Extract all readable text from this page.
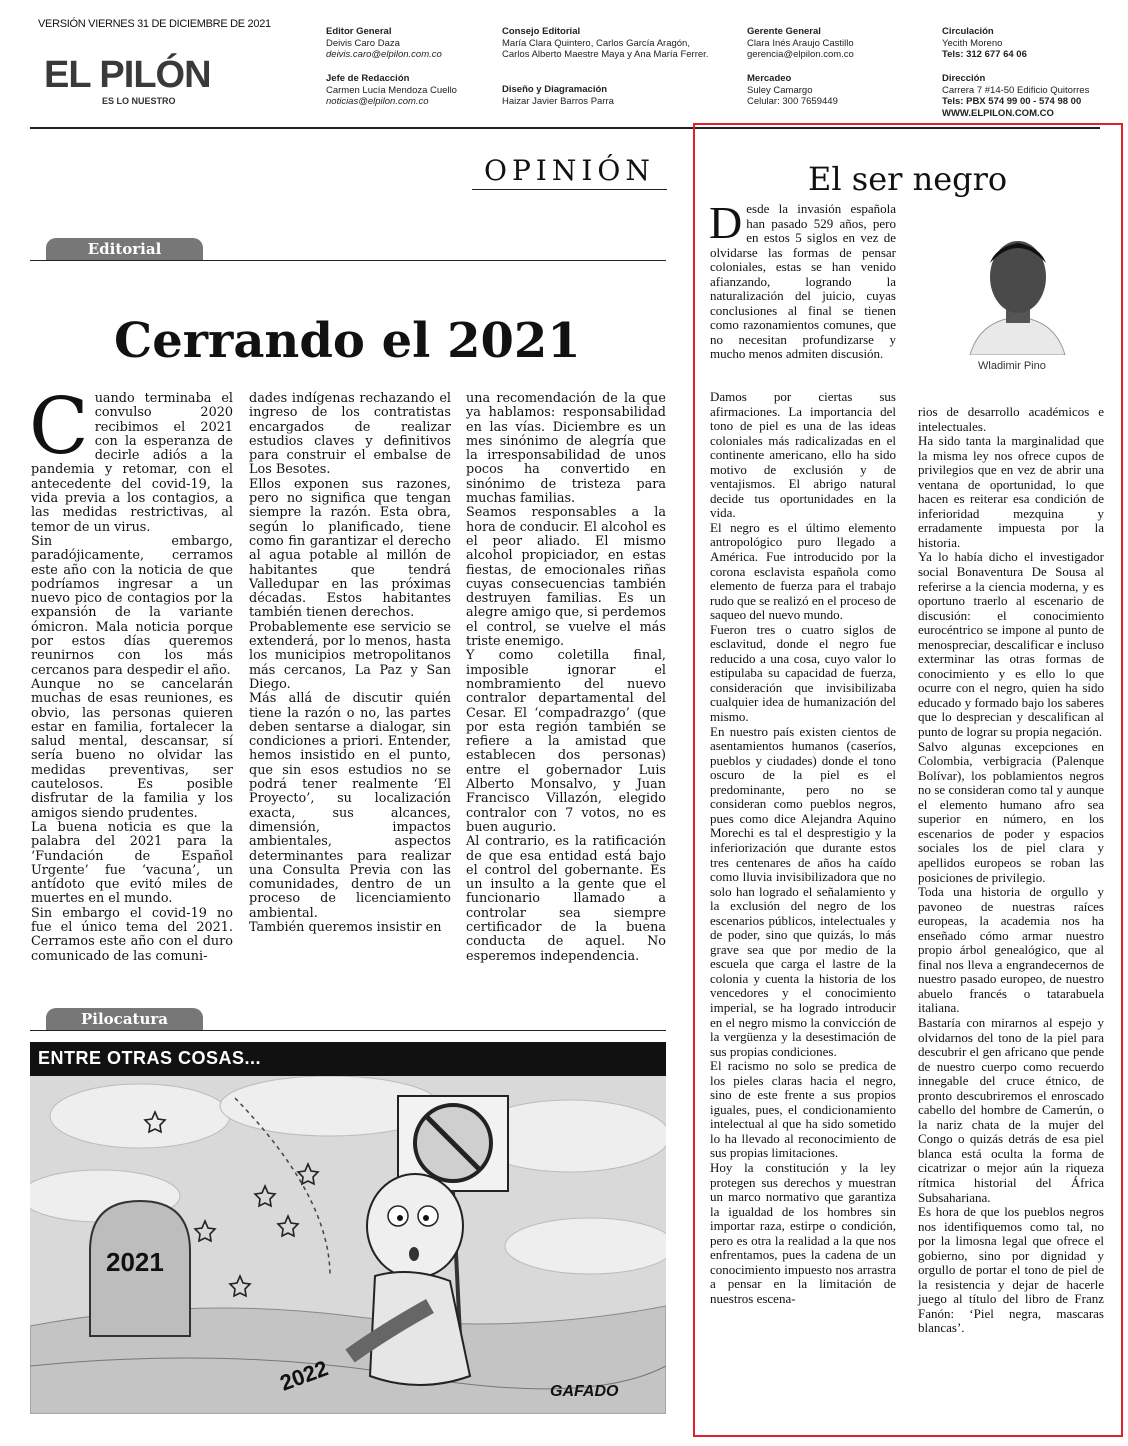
VERSIÓN VIERNES 31 DE DICIEMBRE DE 2021
EL PILÓN
ES LO NUESTRO
Editor General
Deivis Caro Daza
deivis.caro@elpilon.com.co
Jefe de Redacción
Carmen Lucía Mendoza Cuello
noticias@elpilon.com.co
Consejo Editorial
María Clara Quintero, Carlos García Aragón, Carlos Alberto Maestre Maya y Ana María Ferrer.
Diseño y Diagramación
Haizar Javier Barros Parra
Gerente General
Clara Inés Araujo Castillo
gerencia@elpilon.com.co
Mercadeo
Suley Camargo
Celular: 300 7659449
Circulación
Yecith Moreno
Tels: 312 677 64 06
Dirección
Carrera 7 #14-50 Edificio Quitorres
Tels: PBX 574 99 00 - 574 98 00
WWW.ELPILON.COM.CO
OPINIÓN
Editorial
Cerrando el 2021

Cuando terminaba el convulso 2020 recibimos el 2021 con la esperanza de decirle adiós a la pandemia y retomar, con el antecedente del covid-19, la vida previa a los contagios, a las medidas restrictivas, al temor de un virus.

Sin embargo, paradójicamente, cerramos este año con la noticia de que podríamos ingresar a un nuevo pico de contagios por la expansión de la variante ómicron. Mala noticia porque por estos días queremos reunirnos con los más cercanos para despedir el año.

Aunque no se cancelarán muchas de esas reuniones, es obvio, las personas quieren estar en familia, fortalecer la salud mental, descansar, sí sería bueno no olvidar las medidas preventivas, ser cautelosos. Es posible disfrutar de la familia y los amigos siendo prudentes.

La buena noticia es que la palabra del 2021 para la ‘Fundación de Español Urgente’ fue ‘vacuna’, un antídoto que evitó miles de muertes en el mundo.

Sin embargo el covid-19 no fue el único tema del 2021. Cerramos este año con el duro comunicado de las comuni-

dades indígenas rechazando el ingreso de los contratistas encargados de realizar estudios claves y definitivos para construir el embalse de Los Besotes.

Ellos exponen sus razones, pero no significa que tengan siempre la razón. Esta obra, según lo planificado, tiene como fin garantizar el derecho al agua potable al millón de habitantes que tendrá Valledupar en las próximas décadas. Estos habitantes también tienen derechos.

Probablemente ese servicio se extenderá, por lo menos, hasta los municipios metropolitanos más cercanos, La Paz y San Diego.

Más allá de discutir quién tiene la razón o no, las partes deben sentarse a dialogar, sin condiciones a priori. Entender, hemos insistido en el punto, que sin esos estudios no se podrá tener realmente ‘El Proyecto’, su localización exacta, sus alcances, dimensión, impactos ambientales, aspectos determinantes para realizar una Consulta Previa con las comunidades, dentro de un proceso de licenciamiento ambiental.

También queremos insistir en

una recomendación de la que ya hablamos: responsabilidad en las vías. Diciembre es un mes sinónimo de alegría que la irresponsabilidad de unos pocos ha convertido en sinónimo de tristeza para muchas familias.

Seamos responsables a la hora de conducir. El alcohol es el peor aliado. El mismo alcohol propiciador, en estas fiestas, de emocionales riñas cuyas consecuencias también destruyen familias. Es un alegre amigo que, si perdemos el control, se vuelve el más triste enemigo.

Y como coletilla final, imposible ignorar el nombramiento del nuevo contralor departamental del Cesar. El ‘compadrazgo’ (que por esta región también se refiere a la amistad que establecen dos personas) entre el gobernador Luis Alberto Monsalvo, y Juan Francisco Villazón, elegido contralor con 7 votos, no es buen augurio.

Al contrario, es la ratificación de que esa entidad está bajo el control del gobernante. Es un insulto a la gente que el funcionario llamado a controlar sea siempre certificador de la buena conducta de aquel. No esperemos independencia.

Pilocatura
ENTRE OTRAS COSAS...
2021
2022	GAFADO
El ser negro
Wladimir Pino

Desde la invasión española han pasado 529 años, pero en estos 5 siglos en vez de olvidarse las formas de pensar coloniales, estas se han venido afianzando, logrando la naturalización del juicio, cuyas conclusiones al final se tienen como razonamientos comunes, que no necesitan profundizarse y mucho menos admiten discusión.

Damos por ciertas sus afirmaciones. La importancia del tono de piel es una de las ideas coloniales más radicalizadas en el continente americano, ello ha sido motivo de exclusión y de ventajismos. El abrigo natural decide tus oportunidades en la vida.

El negro es el último elemento antropológico puro llegado a América. Fue introducido por la corona esclavista española como elemento de fuerza para el trabajo rudo que se realizó en el proceso de saqueo del nuevo mundo.

Fueron tres o cuatro siglos de esclavitud, donde el negro fue reducido a una cosa, cuyo valor lo estipulaba su capacidad de fuerza, consideración que invisibilizaba cualquier idea de humanización del mismo.

En nuestro país existen cientos de asentamientos humanos (caseríos, pueblos y ciudades) donde el tono oscuro de la piel es el predominante, pero no se consideran como pueblos negros, pues como dice Alejandra Aquino Morechi es tal el desprestigio y la inferiorización que durante estos tres centenares de años ha caído como lluvia invisibilizadora que no solo han logrado el señalamiento y la exclusión del negro de los escenarios públicos, intelectuales y de poder, sino que quizás, lo más grave sea que por medio de la escuela que carga el lastre de la colonia y cuenta la historia de los vencedores y el conocimiento imperial, se ha logrado introducir en el negro mismo la convicción de la vergüenza y la desestimación de sus propias condiciones.

El racismo no solo se predica de los pieles claras hacia el negro, sino de este frente a sus propios iguales, pues, el condicionamiento intelectual al que ha sido sometido lo ha llevado al reconocimiento de sus propias limitaciones.

Hoy la constitución y la ley protegen sus derechos y muestran un marco normativo que garantiza la igualdad de los hombres sin importar raza, estirpe o condición, pero es otra la realidad a la que nos enfrentamos, pues la cadena de un conocimiento impuesto nos arrastra a pensar en la limitación de nuestros escena-

rios de desarrollo académicos e intelectuales.

Ha sido tanta la marginalidad que la misma ley nos ofrece cupos de privilegios que en vez de abrir una ventana de oportunidad, lo que hacen es reiterar esa condición de inferioridad mezquina y erradamente impuesta por la historia.

Ya lo había dicho el investigador social Bonaventura De Sousa al referirse a la ciencia moderna, y es oportuno traerlo al escenario de discusión: el conocimiento eurocéntrico se impone al punto de menospreciar, descalificar e incluso exterminar las otras formas de conocimiento y es ello lo que ocurre con el negro, quien ha sido educado y formado bajo los saberes que lo desprecian y descalifican al punto de lograr su propia negación.

Salvo algunas excepciones en Colombia, verbigracia (Palenque Bolívar), los poblamientos negros no se consideran como tal y aunque el elemento humano afro sea superior en número, en los escenarios de poder y espacios sociales los de piel clara y apellidos europeos se roban las posiciones de privilegio.

Toda una historia de orgullo y pavoneo de nuestras raíces europeas, la academia nos ha enseñado cómo armar nuestro propio árbol genealógico, que al final nos lleva a engrandecernos de nuestro pasado europeo, de nuestro abuelo francés o tatarabuela italiana.

Bastaría con mirarnos al espejo y olvidarnos del tono de la piel para descubrir el gen africano que pende de nuestro cuerpo como recuerdo innegable del cruce étnico, de pronto descubriremos el enroscado cabello del hombre de Camerún, o la nariz chata de la mujer del Congo o quizás detrás de esa piel blanca está oculta la forma de cicatrizar o mejor aún la riqueza rítmica historial del África Subsahariana.

Es hora de que los pueblos negros nos identifiquemos como tal, no por la limosna legal que ofrece el gobierno, sino por dignidad y orgullo de portar el tono de piel de la resistencia y dejar de hacerle juego al título del libro de Franz Fanón: ‘Piel negra, mascaras blancas’.
